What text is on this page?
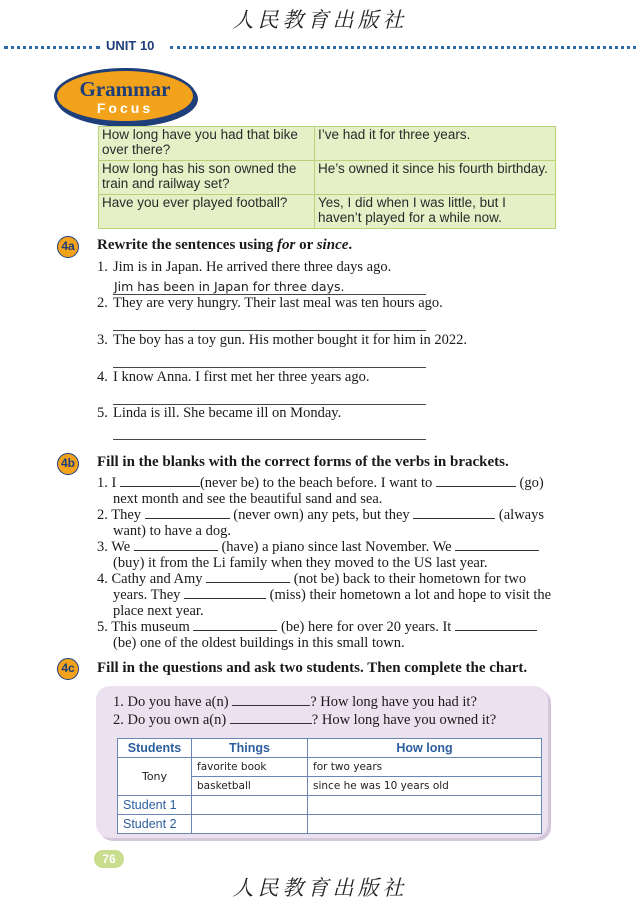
人民教育出版社
UNIT 10
Grammar
Focus
How long have you had that bike over there?	I’ve had it for three years.
How long has his son owned the train and railway set?	He’s owned it since his fourth birthday.
Have you ever played football?	Yes, I did when I was little, but I haven’t played for a while now.
4a Rewrite the sentences using for or since.
1. Jim is in Japan. He arrived there three days ago.
Jim has been in Japan for three days.
2. They are very hungry. Their last meal was ten hours ago.
3. The boy has a toy gun. His mother bought it for him in 2022.
4. I know Anna. I first met her three years ago.
5. Linda is ill. She became ill on Monday.
4b Fill in the blanks with the correct forms of the verbs in brackets.
1. I	(never be) to the beach before. I want to	(go)
next month and see the beautiful sand and sea.
2. They	(never own) any pets, but they	(always
want) to have a dog.
3. We	(have) a piano since last November. We
(buy) it from the Li family when they moved to the US last year.
4. Cathy and Amy	(not be) back to their hometown for two
years. They	(miss) their hometown a lot and hope to visit the
place next year.
5. This museum	(be) here for over 20 years. It
(be) one of the oldest buildings in this small town.
4c Fill in the questions and ask two students. Then complete the chart.
1. Do you have a(n)	? How long have you had it?
2. Do you own a(n)	? How long have you owned it?
Students	Things	How long
Tony	favorite book	for two years
	basketball	since he was 10 years old
Student 1		
Student 2		
76
人民教育出版社
